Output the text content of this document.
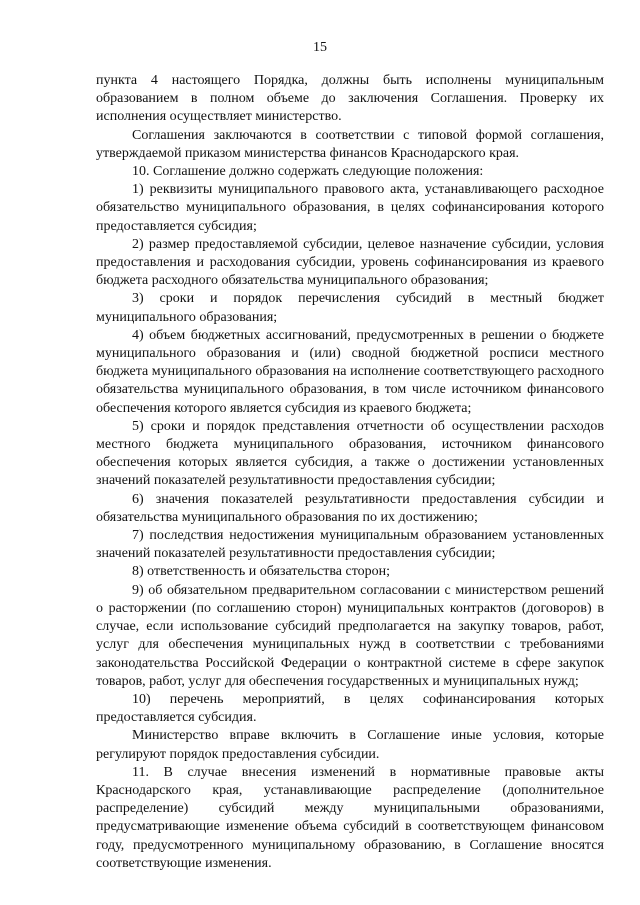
15

пункта 4 настоящего Порядка, должны быть исполнены муниципальным образованием в полном объеме до заключения Соглашения. Проверку их исполнения осуществляет министерство.

Соглашения заключаются в соответствии с типовой формой соглашения, утверждаемой приказом министерства финансов Краснодарского края.

10. Соглашение должно содержать следующие положения:

1) реквизиты муниципального правового акта, устанавливающего расходное обязательство муниципального образования, в целях софинансирования которого предоставляется субсидия;

2) размер предоставляемой субсидии, целевое назначение субсидии, условия предоставления и расходования субсидии, уровень софинансирования из краевого бюджета расходного обязательства муниципального образования;

3) сроки и порядок перечисления субсидий в местный бюджет муниципального образования;

4) объем бюджетных ассигнований, предусмотренных в решении о бюджете муниципального образования и (или) сводной бюджетной росписи местного бюджета муниципального образования на исполнение соответствующего расходного обязательства муниципального образования, в том числе источником финансового обеспечения которого является субсидия из краевого бюджета;

5) сроки и порядок представления отчетности об осуществлении расходов местного бюджета муниципального образования, источником финансового обеспечения которых является субсидия, а также о достижении установленных значений показателей результативности предоставления субсидии;

6) значения показателей результативности предоставления субсидии и обязательства муниципального образования по их достижению;

7) последствия недостижения муниципальным образованием установленных значений показателей результативности предоставления субсидии;

8) ответственность и обязательства сторон;

9) об обязательном предварительном согласовании с министерством решений о расторжении (по соглашению сторон) муниципальных контрактов (договоров) в случае, если использование субсидий предполагается на закупку товаров, работ, услуг для обеспечения муниципальных нужд в соответствии с требованиями законодательства Российской Федерации о контрактной системе в сфере закупок товаров, работ, услуг для обеспечения государственных и муниципальных нужд;

10) перечень мероприятий, в целях софинансирования которых предоставляется субсидия.

Министерство вправе включить в Соглашение иные условия, которые регулируют порядок предоставления субсидии.

11. В случае внесения изменений в нормативные правовые акты Краснодарского края, устанавливающие распределение (дополнительное распределение) субсидий между муниципальными образованиями, предусматривающие изменение объема субсидий в соответствующем финансовом году, предусмотренного муниципальному образованию, в Соглашение вносятся соответствующие изменения.
